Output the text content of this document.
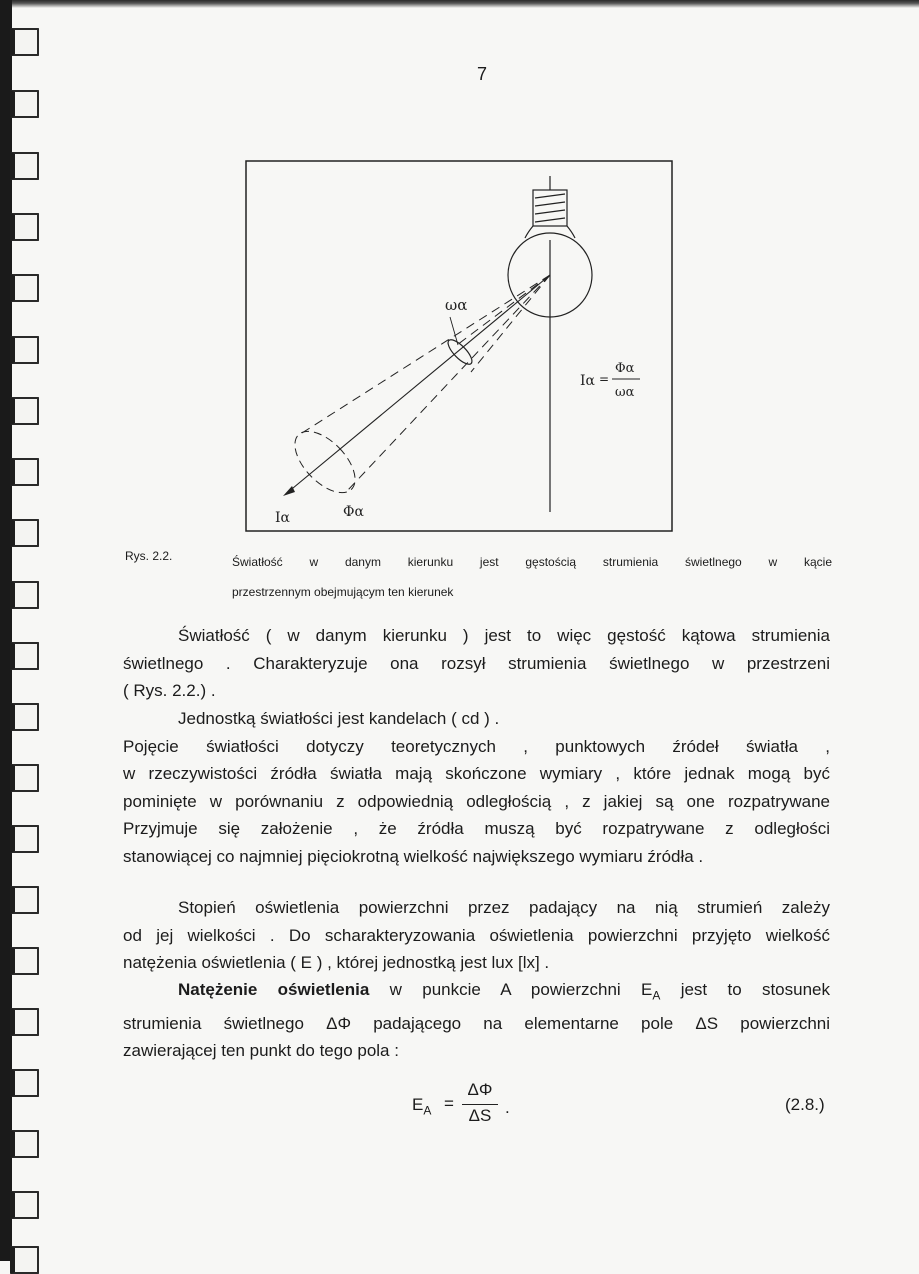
7
ωα
Iα	Φα
Iα =
Φα
ωα
Rys. 2.2.	Światłość w danym kierunku jest gęstością strumienia świetlnego w kącie
przestrzennym obejmującym ten kierunek

Światłość ( w danym kierunku ) jest to więc gęstość kątowa strumienia
świetlnego . Charakteryzuje ona rozsył strumienia świetlnego w przestrzeni
( Rys. 2.2.) .

Jednostką światłości jest kandelach ( cd ) .
Pojęcie światłości dotyczy teoretycznych , punktowych źródeł światła ,
w rzeczywistości źródła światła mają skończone wymiary , które jednak mogą być
pominięte w porównaniu z odpowiednią odległością , z jakiej są one rozpatrywane
Przyjmuje się założenie , że źródła muszą być rozpatrywane z odległości
stanowiącej co najmniej pięciokrotną wielkość największego wymiaru źródła .

Stopień oświetlenia powierzchni przez padający na nią strumień zależy
od jej wielkości . Do scharakteryzowania oświetlenia powierzchni przyjęto wielkość
natężenia oświetlenia ( E ) , której jednostką jest lux [lx] .

Natężenie oświetlenia w punkcie A powierzchni $E_A$ jest to stosunek
strumienia świetlnego ΔΦ padającego na elementarne pole ΔS powierzchni
zawierającej ten punkt do tego pola :

$E_A$ =
ΔΦ
ΔS .	(2.8.)
